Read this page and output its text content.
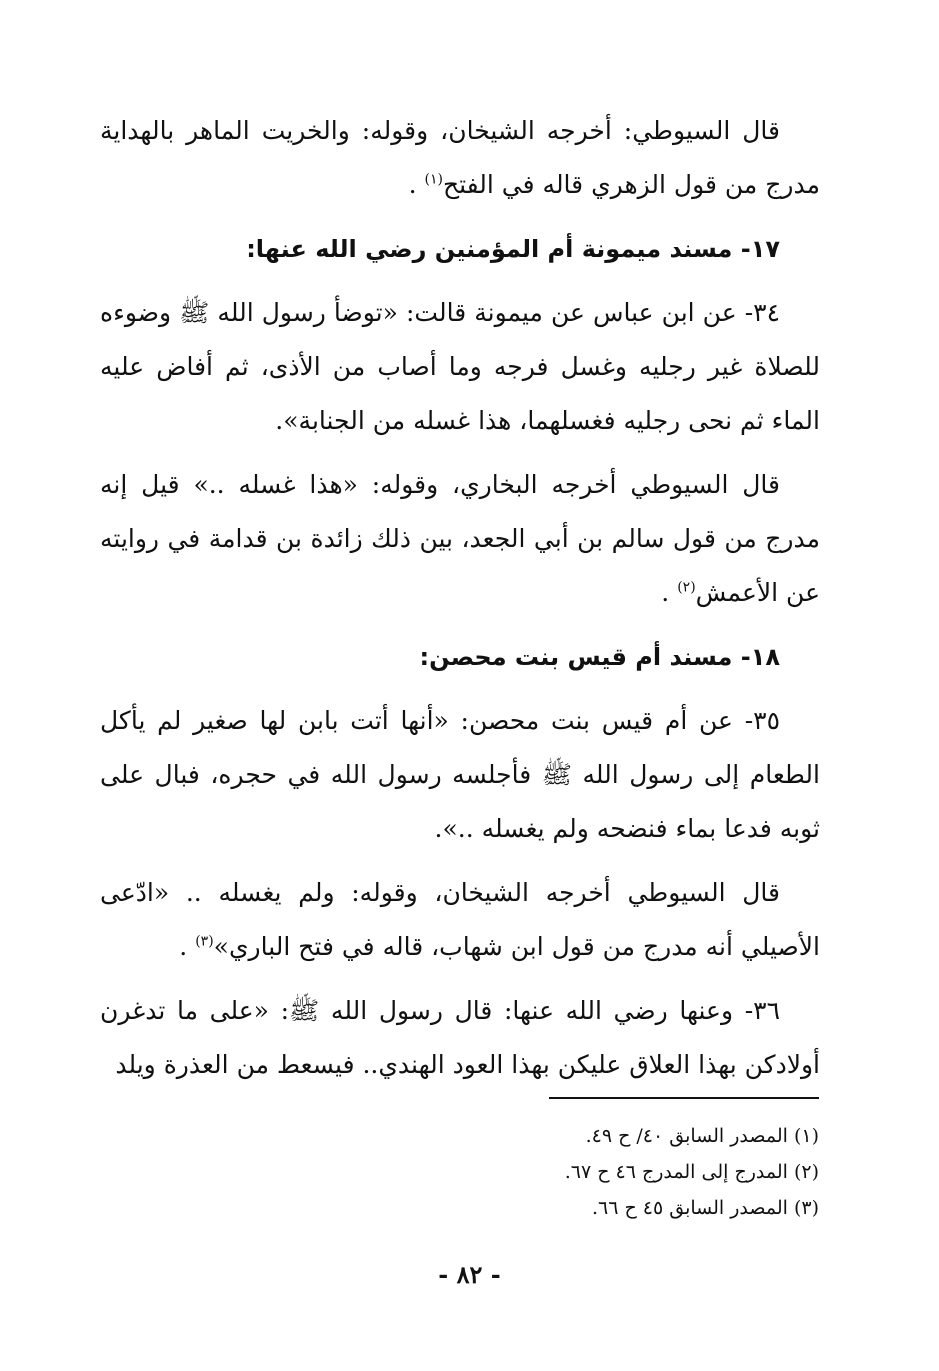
قال السيوطي: أخرجه الشيخان، وقوله: والخريت الماهر بالهداية مدرج من قول الزهري قاله في الفتح$^{(١)}$ .

١٧- مسند ميمونة أم المؤمنين رضي الله عنها:

٣٤- عن ابن عباس عن ميمونة قالت: «توضأ رسول الله ﷺ وضوءه للصلاة غير رجليه وغسل فرجه وما أصاب من الأذى، ثم أفاض عليه الماء ثم نحى رجليه فغسلهما، هذا غسله من الجنابة».

قال السيوطي أخرجه البخاري، وقوله: «هذا غسله ..» قيل إنه مدرج من قول سالم بن أبي الجعد، بين ذلك زائدة بن قدامة في روايته عن الأعمش$^{(٢)}$ .

١٨- مسند أم قيس بنت محصن:

٣٥- عن أم قيس بنت محصن: «أنها أتت بابن لها صغير لم يأكل الطعام إلى رسول الله ﷺ فأجلسه رسول الله في حجره، فبال على ثوبه فدعا بماء فنضحه ولم يغسله ..».

قال السيوطي أخرجه الشيخان، وقوله: ولم يغسله .. «ادّعى الأصيلي أنه مدرج من قول ابن شهاب، قاله في فتح الباري»$^{(٣)}$ .

٣٦- وعنها رضي الله عنها: قال رسول الله ﷺ: «على ما تدغرن أولادكن بهذا العلاق عليكن بهذا العود الهندي.. فيسعط من العذرة ويلد

(١) المصدر السابق ٤٠/ ح ٤٩.
(٢) المدرج إلى المدرج ٤٦ ح ٦٧.
(٣) المصدر السابق ٤٥ ح ٦٦.
- ٨٢ -
